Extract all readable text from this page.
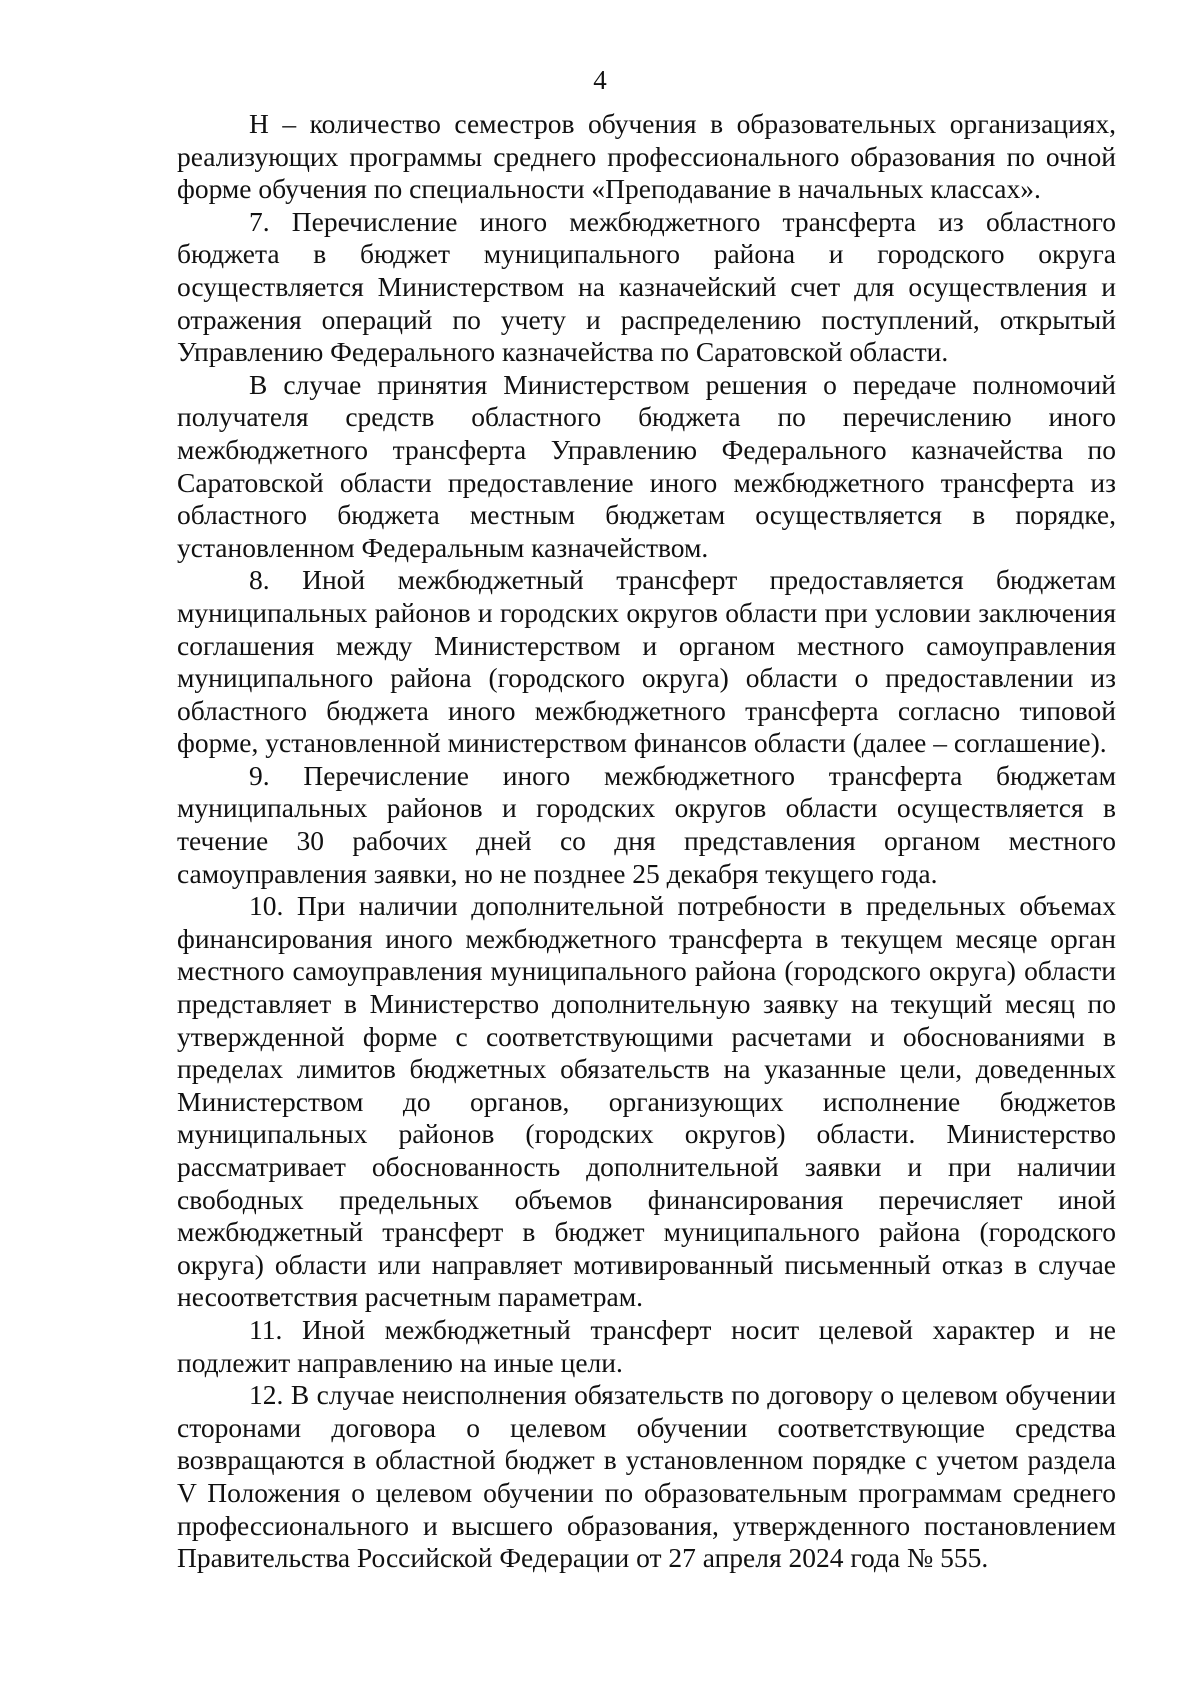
4

Н – количество семестров обучения в образовательных организациях, реализующих программы среднего профессионального образования по очной форме обучения по специальности «Преподавание в начальных классах».

7. Перечисление иного межбюджетного трансферта из областного бюджета в бюджет муниципального района и городского округа осуществляется Министерством на казначейский счет для осуществления и отражения операций по учету и распределению поступлений, открытый Управлению Федерального казначейства по Саратовской области.

В случае принятия Министерством решения о передаче полномочий получателя средств областного бюджета по перечислению иного межбюджетного трансферта Управлению Федерального казначейства по Саратовской области предоставление иного межбюджетного трансферта из областного бюджета местным бюджетам осуществляется в порядке, установленном Федеральным казначейством.

8. Иной межбюджетный трансферт предоставляется бюджетам муниципальных районов и городских округов области при условии заключения соглашения между Министерством и органом местного самоуправления муниципального района (городского округа) области о предоставлении из областного бюджета иного межбюджетного трансферта согласно типовой форме, установленной министерством финансов области (далее – соглашение).

9. Перечисление иного межбюджетного трансферта бюджетам муниципальных районов и городских округов области осуществляется в течение 30 рабочих дней со дня представления органом местного самоуправления заявки, но не позднее 25 декабря текущего года.

10. При наличии дополнительной потребности в предельных объемах финансирования иного межбюджетного трансферта в текущем месяце орган местного самоуправления муниципального района (городского округа) области представляет в Министерство дополнительную заявку на текущий месяц по утвержденной форме с соответствующими расчетами и обоснованиями в пределах лимитов бюджетных обязательств на указанные цели, доведенных Министерством до органов, организующих исполнение бюджетов муниципальных районов (городских округов) области. Министерство рассматривает обоснованность дополнительной заявки и при наличии свободных предельных объемов финансирования перечисляет иной межбюджетный трансферт в бюджет муниципального района (городского округа) области или направляет мотивированный письменный отказ в случае несоответствия расчетным параметрам.

11. Иной межбюджетный трансферт носит целевой характер и не подлежит направлению на иные цели.

12. В случае неисполнения обязательств по договору о целевом обучении сторонами договора о целевом обучении соответствующие средства возвращаются в областной бюджет в установленном порядке с учетом раздела V Положения о целевом обучении по образовательным программам среднего профессионального и высшего образования, утвержденного постановлением Правительства Российской Федерации от 27 апреля 2024 года № 555.
